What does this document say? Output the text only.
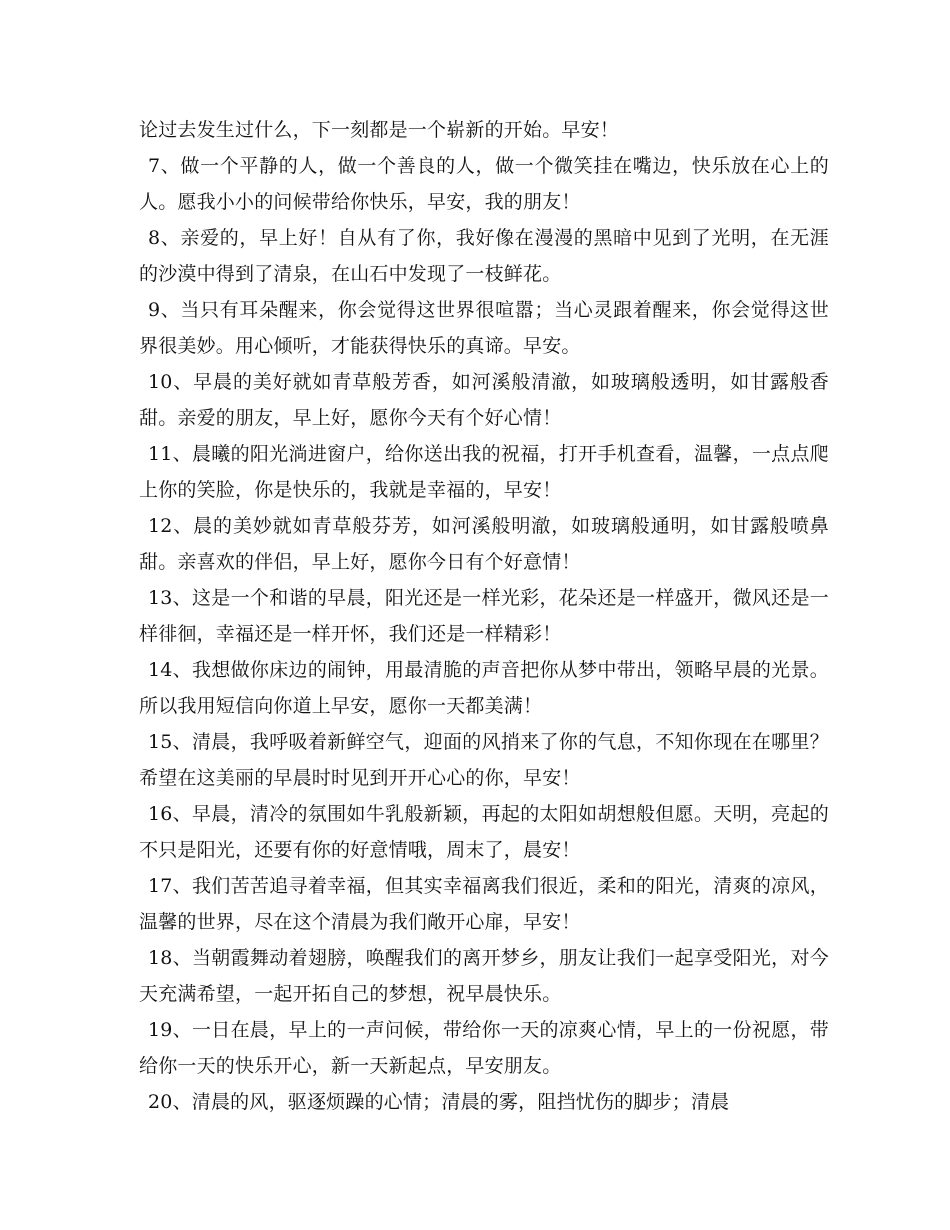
论过去发生过什么，下一刻都是一个崭新的开始。早安！

7、做一个平静的人，做一个善良的人，做一个微笑挂在嘴边，快乐放在心上的人。愿我小小的问候带给你快乐，早安，我的朋友！

8、亲爱的，早上好！自从有了你，我好像在漫漫的黑暗中见到了光明，在无涯的沙漠中得到了清泉，在山石中发现了一枝鲜花。

9、当只有耳朵醒来，你会觉得这世界很喧嚣；当心灵跟着醒来，你会觉得这世界很美妙。用心倾听，才能获得快乐的真谛。早安。

10、早晨的美好就如青草般芳香，如河溪般清澈，如玻璃般透明，如甘露般香甜。亲爱的朋友，早上好，愿你今天有个好心情！

11、晨曦的阳光淌进窗户，给你送出我的祝福，打开手机查看，温馨，一点点爬上你的笑脸，你是快乐的，我就是幸福的，早安！

12、晨的美妙就如青草般芬芳，如河溪般明澈，如玻璃般通明，如甘露般喷鼻甜。亲喜欢的伴侣，早上好，愿你今日有个好意情！

13、这是一个和谐的早晨，阳光还是一样光彩，花朵还是一样盛开，微风还是一样徘徊，幸福还是一样开怀，我们还是一样精彩！

14、我想做你床边的闹钟，用最清脆的声音把你从梦中带出，领略早晨的光景。所以我用短信向你道上早安，愿你一天都美满！

15、清晨，我呼吸着新鲜空气，迎面的风捎来了你的气息，不知你现在在哪里？希望在这美丽的早晨时时见到开开心心的你，早安！

16、早晨，清冷的氛围如牛乳般新颖，再起的太阳如胡想般但愿。天明，亮起的不只是阳光，还要有你的好意情哦，周末了，晨安！

17、我们苦苦追寻着幸福，但其实幸福离我们很近，柔和的阳光，清爽的凉风，温馨的世界，尽在这个清晨为我们敞开心扉，早安！

18、当朝霞舞动着翅膀，唤醒我们的离开梦乡，朋友让我们一起享受阳光，对今天充满希望，一起开拓自己的梦想，祝早晨快乐。

19、一日在晨，早上的一声问候，带给你一天的凉爽心情，早上的一份祝愿，带给你一天的快乐开心，新一天新起点，早安朋友。

20、清晨的风，驱逐烦躁的心情；清晨的雾，阻挡忧伤的脚步；清晨
